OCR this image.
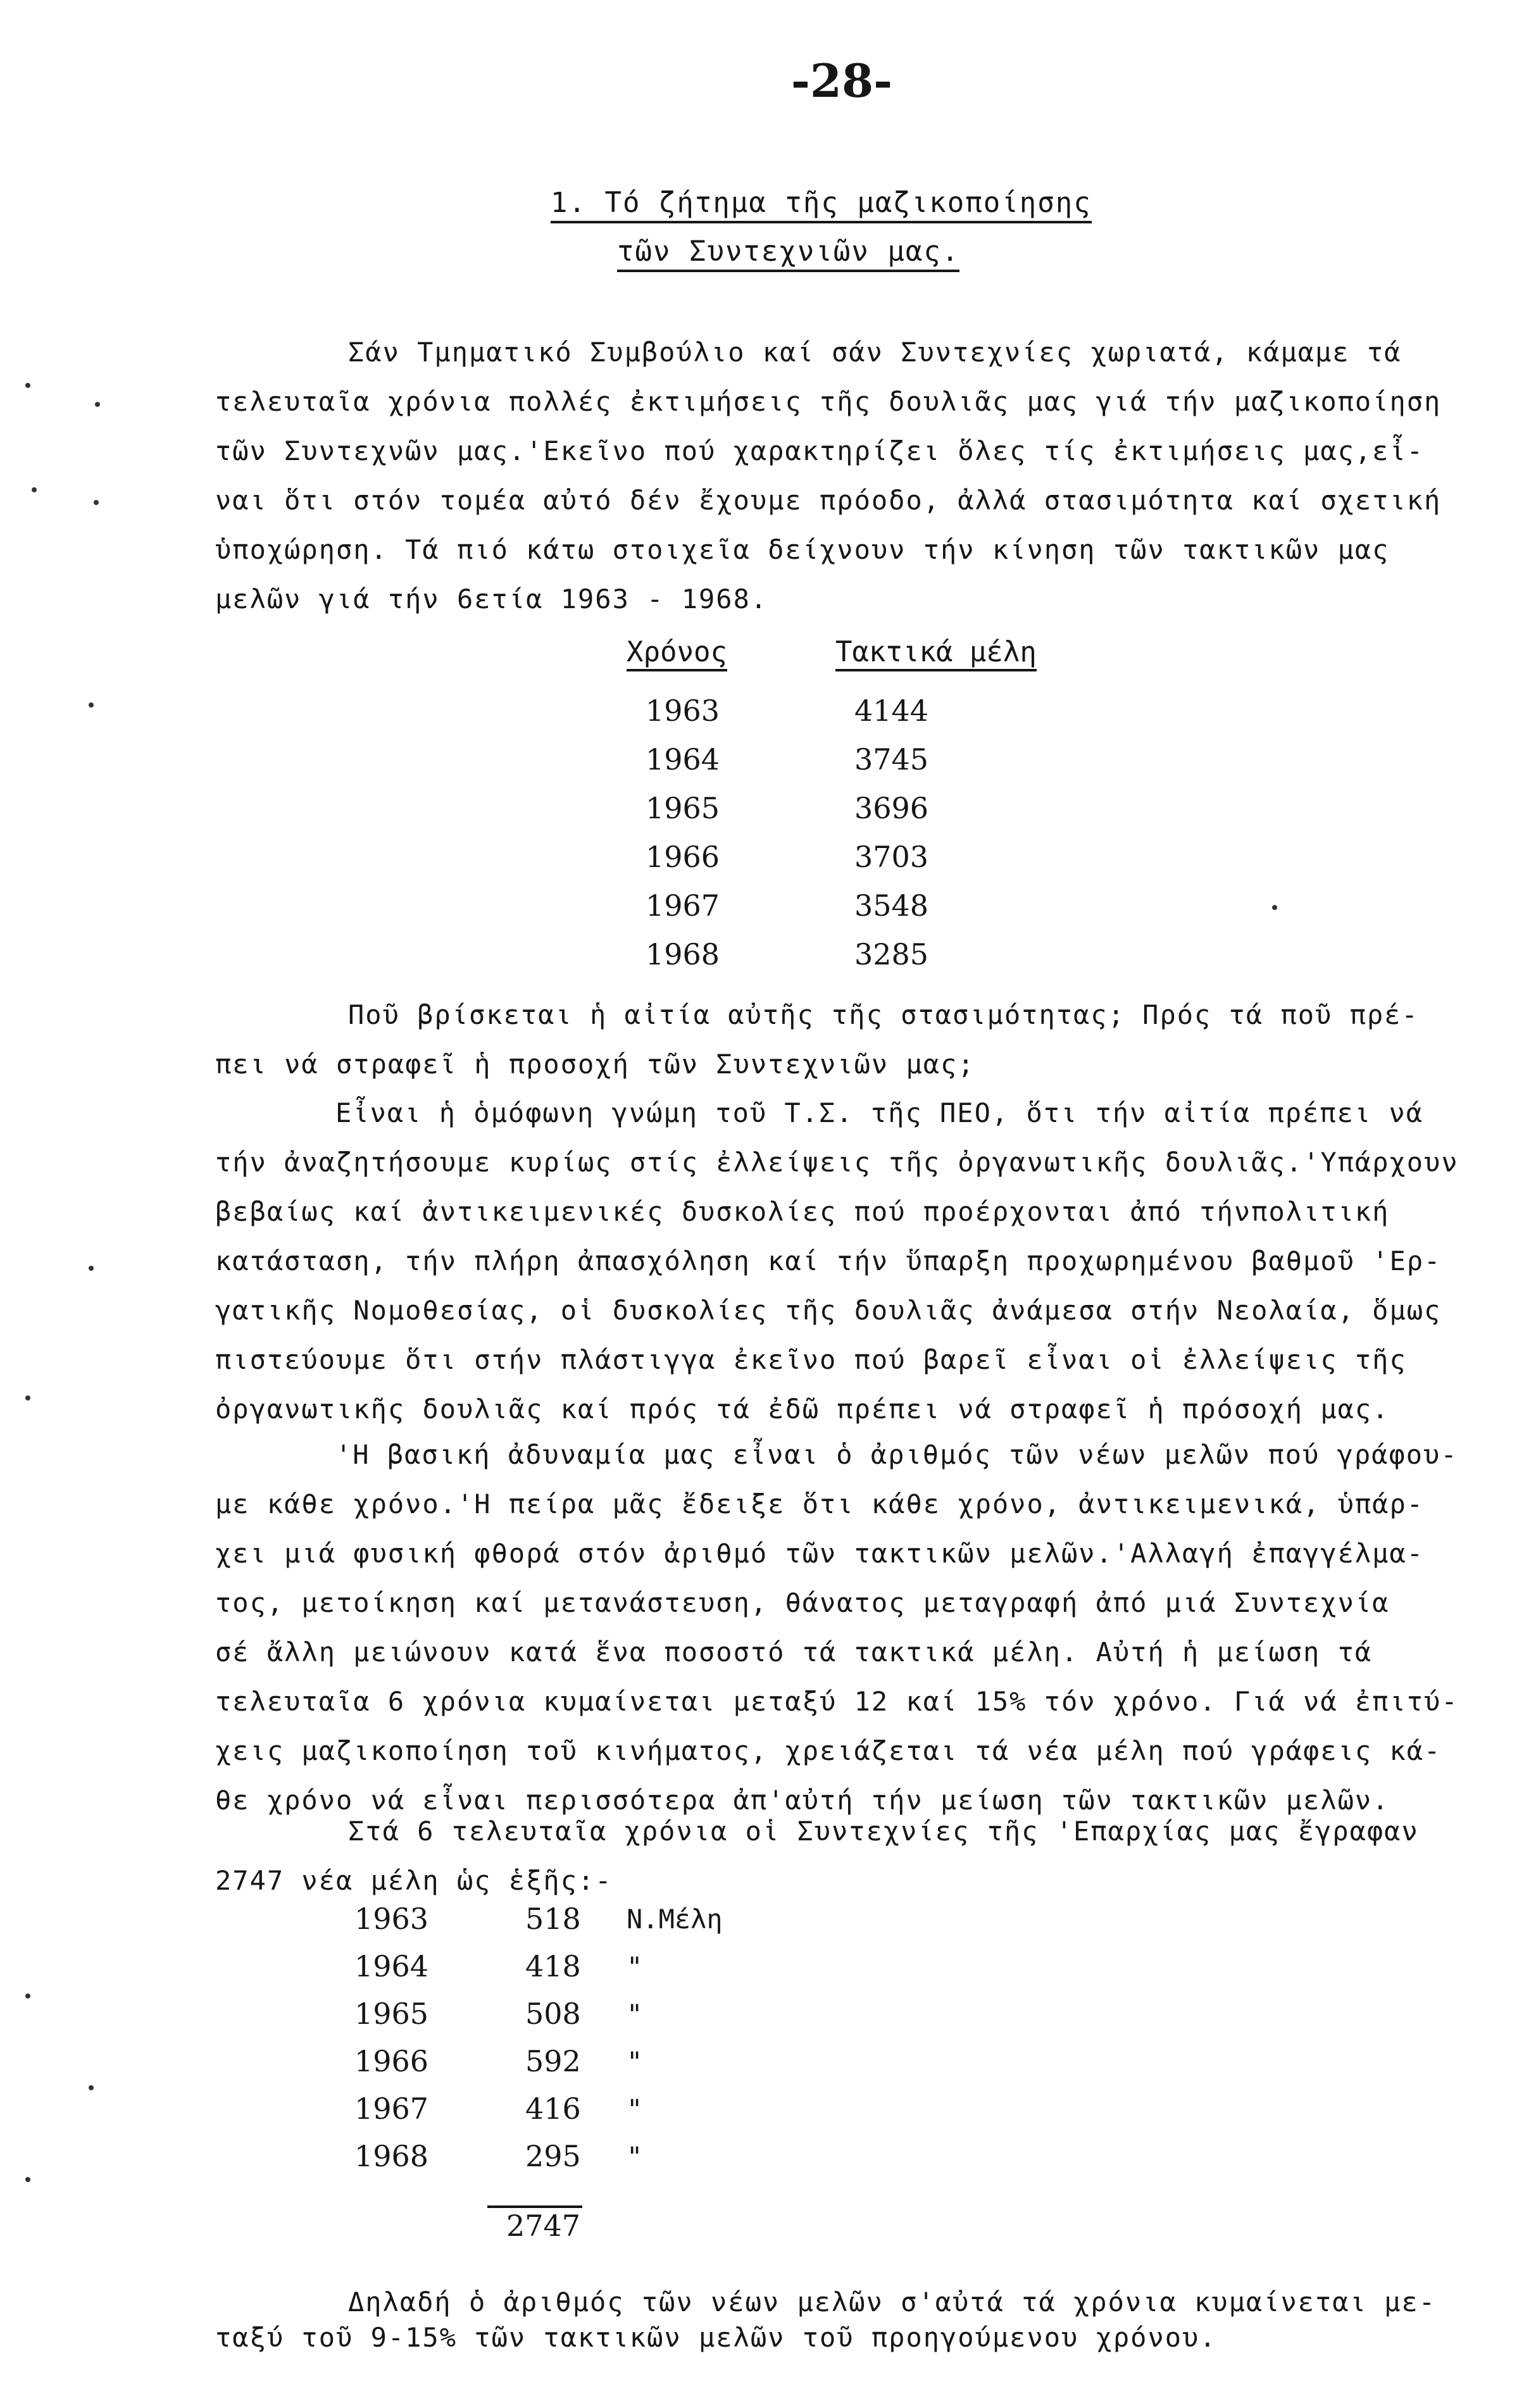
-28-
1. Τό ζήτημα τῆς μαζικοποίησης
τῶν Συντεχνιῶν μας.
Σάν Τμηματικό Συμβούλιο καί σάν Συντεχνίες χωριατά, κάμαμε τά
τελευταῖα χρόνια πολλές ἐκτιμήσεις τῆς δουλιᾶς μας γιά τήν μαζικοποίηση
τῶν Συντεχνῶν μας.'Εκεῖνο πού χαρακτηρίζει ὅλες τίς ἐκτιμήσεις μας,εἶ-
ναι ὅτι στόν τομέα αὐτό δέν ἔχουμε πρόοδο, ἀλλά στασιμότητα καί σχετική
ὑποχώρηση. Τά πιό κάτω στοιχεῖα δείχνουν τήν κίνηση τῶν τακτικῶν μας
μελῶν γιά τήν 6ετία 1963 - 1968.
Χρόνος	Τακτικά μέλη
1963	4144
1964	3745
1965	3696
1966	3703
1967	3548
1968	3285
Ποῦ βρίσκεται ἡ αἰτία αὐτῆς τῆς στασιμότητας; Πρός τά ποῦ πρέ-
πει νά στραφεῖ ἡ προσοχή τῶν Συντεχνιῶν μας;
Εἶναι ἡ ὁμόφωνη γνώμη τοῦ Τ.Σ. τῆς ΠΕΟ, ὅτι τήν αἰτία πρέπει νά
τήν ἀναζητήσουμε κυρίως στίς ἐλλείψεις τῆς ὀργανωτικῆς δουλιᾶς.'Υπάρχουν
βεβαίως καί ἀντικειμενικές δυσκολίες πού προέρχονται ἀπό τήνπολιτική
κατάσταση, τήν πλήρη ἀπασχόληση καί τήν ὕπαρξη προχωρημένου βαθμοῦ 'Ερ-
γατικῆς Νομοθεσίας, οἱ δυσκολίες τῆς δουλιᾶς ἀνάμεσα στήν Νεολαία, ὅμως
πιστεύουμε ὅτι στήν πλάστιγγα ἐκεῖνο πού βαρεῖ εἶναι οἱ ἐλλείψεις τῆς
ὀργανωτικῆς δουλιᾶς καί πρός τά ἐδῶ πρέπει νά στραφεῖ ἡ πρόσοχή μας.
'Η βασική ἀδυναμία μας εἶναι ὁ ἀριθμός τῶν νέων μελῶν πού γράφου-
με κάθε χρόνο.'Η πείρα μᾶς ἔδειξε ὅτι κάθε χρόνο, ἀντικειμενικά, ὑπάρ-
χει μιά φυσική φθορά στόν ἀριθμό τῶν τακτικῶν μελῶν.'Αλλαγή ἐπαγγέλμα-
τος, μετοίκηση καί μετανάστευση, θάνατος μεταγραφή ἀπό μιά Συντεχνία
σέ ἄλλη μειώνουν κατά ἕνα ποσοστό τά τακτικά μέλη. Αὐτή ἡ μείωση τά
τελευταῖα 6 χρόνια κυμαίνεται μεταξύ 12 καί 15% τόν χρόνο. Γιά νά ἐπιτύ-
χεις μαζικοποίηση τοῦ κινήματος, χρειάζεται τά νέα μέλη πού γράφεις κά-
θε χρόνο νά εἶναι περισσότερα ἀπ'αὐτή τήν μείωση τῶν τακτικῶν μελῶν.
Στά 6 τελευταῖα χρόνια οἱ Συντεχνίες τῆς 'Επαρχίας μας ἔγραφαν
2747 νέα μέλη ὡς ἑξῆς:-
1963	518	Ν.Μέλη
1964	418	"
1965	508	"
1966	592	"
1967	416	"
1968	295	"
2747
Δηλαδή ὁ ἀριθμός τῶν νέων μελῶν σ'αὐτά τά χρόνια κυμαίνεται με-
ταξύ τοῦ 9-15% τῶν τακτικῶν μελῶν τοῦ προηγούμενου χρόνου.
